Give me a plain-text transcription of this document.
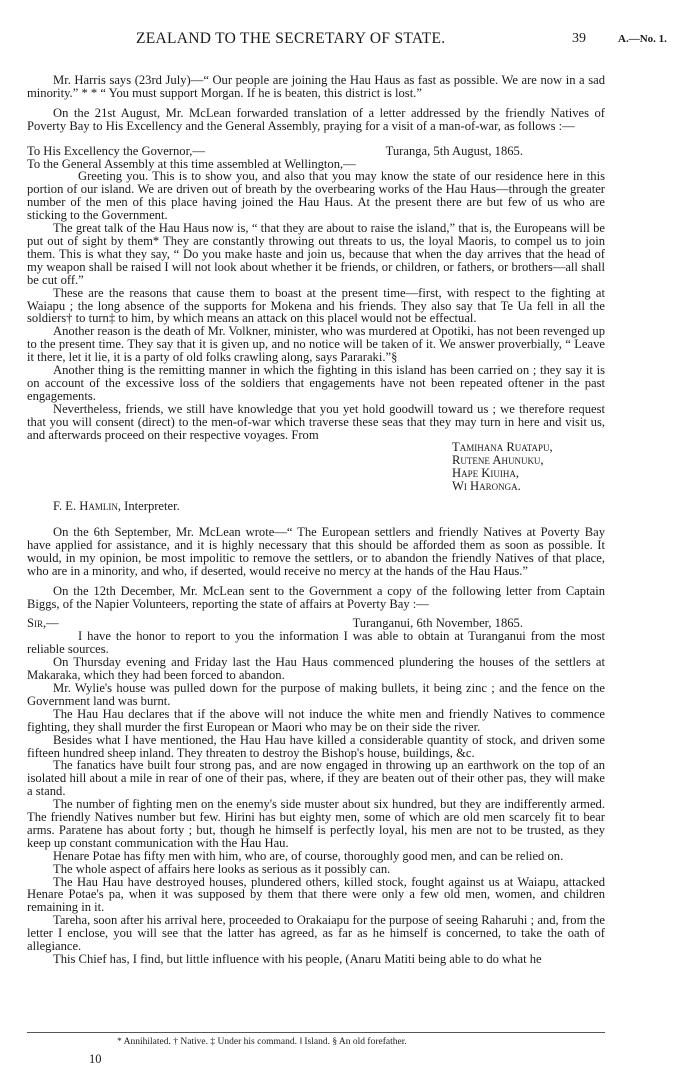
ZEALAND TO THE SECRETARY OF STATE.	39	A.—No. 1.

Mr. Harris says (23rd July)—“ Our people are joining the Hau Haus as fast as possible. We are now in a sad minority.” * * “ You must support Morgan. If he is beaten, this district is lost.”

On the 21st August, Mr. McLean forwarded translation of a letter addressed by the friendly Natives of Poverty Bay to His Excellency and the General Assembly, praying for a visit of a man-of-war, as follows :—

To His Excellency the Governor,—	Turanga, 5th August, 1865.

To the General Assembly at this time assembled at Wellington,—

Greeting you. This is to show you, and also that you may know the state of our residence here in this portion of our island. We are driven out of breath by the overbearing works of the Hau Haus—through the greater number of the men of this place having joined the Hau Haus. At the present there are but few of us who are sticking to the Government.

The great talk of the Hau Haus now is, “ that they are about to raise the island,” that is, the Europeans will be put out of sight by them* They are constantly throwing out threats to us, the loyal Maoris, to compel us to join them. This is what they say, “ Do you make haste and join us, because that when the day arrives that the head of my weapon shall be raised I will not look about whether it be friends, or children, or fathers, or brothers—all shall be cut off.”

These are the reasons that cause them to boast at the present time—first, with respect to the fighting at Waiapu ; the long absence of the supports for Mokena and his friends. They also say that Te Ua fell in all the soldiers† to turn‡ to him, by which means an attack on this place‖ would not be effectual.

Another reason is the death of Mr. Volkner, minister, who was murdered at Opotiki, has not been revenged up to the present time. They say that it is given up, and no notice will be taken of it. We answer proverbially, “ Leave it there, let it lie, it is a party of old folks crawling along, says Pararaki.”§

Another thing is the remitting manner in which the fighting in this island has been carried on ; they say it is on account of the excessive loss of the soldiers that engagements have not been repeated oftener in the past engagements.

Nevertheless, friends, we still have knowledge that you yet hold goodwill toward us ; we therefore request that you will consent (direct) to the men-of-war which traverse these seas that they may turn in here and visit us, and afterwards proceed on their respective voyages. From

Tamihana Ruatapu,
Rutene Ahunuku,
Hape Kiuiha,
Wi Haronga.

F. E. Hamlin, Interpreter.

On the 6th September, Mr. McLean wrote—“ The European settlers and friendly Natives at Poverty Bay have applied for assistance, and it is highly necessary that this should be afforded them as soon as possible. It would, in my opinion, be most impolitic to remove the settlers, or to abandon the friendly Natives of that place, who are in a minority, and who, if deserted, would receive no mercy at the hands of the Hau Haus.”

On the 12th December, Mr. McLean sent to the Government a copy of the following letter from Captain Biggs, of the Napier Volunteers, reporting the state of affairs at Poverty Bay :—

Sir,—	Turanganui, 6th November, 1865.

I have the honor to report to you the information I was able to obtain at Turanganui from the most reliable sources.

On Thursday evening and Friday last the Hau Haus commenced plundering the houses of the settlers at Makaraka, which they had been forced to abandon.

Mr. Wylie's house was pulled down for the purpose of making bullets, it being zinc ; and the fence on the Government land was burnt.

The Hau Hau declares that if the above will not induce the white men and friendly Natives to commence fighting, they shall murder the first European or Maori who may be on their side the river.

Besides what I have mentioned, the Hau Hau have killed a considerable quantity of stock, and driven some fifteen hundred sheep inland. They threaten to destroy the Bishop's house, buildings, &c.

The fanatics have built four strong pas, and are now engaged in throwing up an earthwork on the top of an isolated hill about a mile in rear of one of their pas, where, if they are beaten out of their other pas, they will make a stand.

The number of fighting men on the enemy's side muster about six hundred, but they are indifferently armed. The friendly Natives number but few. Hirini has but eighty men, some of which are old men scarcely fit to bear arms. Paratene has about forty ; but, though he himself is perfectly loyal, his men are not to be trusted, as they keep up constant communication with the Hau Hau.

Henare Potae has fifty men with him, who are, of course, thoroughly good men, and can be relied on.

The whole aspect of affairs here looks as serious as it possibly can.

The Hau Hau have destroyed houses, plundered others, killed stock, fought against us at Waiapu, attacked Henare Potae's pa, when it was supposed by them that there were only a few old men, women, and children remaining in it.

Tareha, soon after his arrival here, proceeded to Orakaiapu for the purpose of seeing Raharuhi ; and, from the letter I enclose, you will see that the latter has agreed, as far as he himself is concerned, to take the oath of allegiance.

This Chief has, I find, but little influence with his people, (Anaru Matiti being able to do what he

* Annihilated. † Native. ‡ Under his command. ‖ Island. § An old forefather.
10
